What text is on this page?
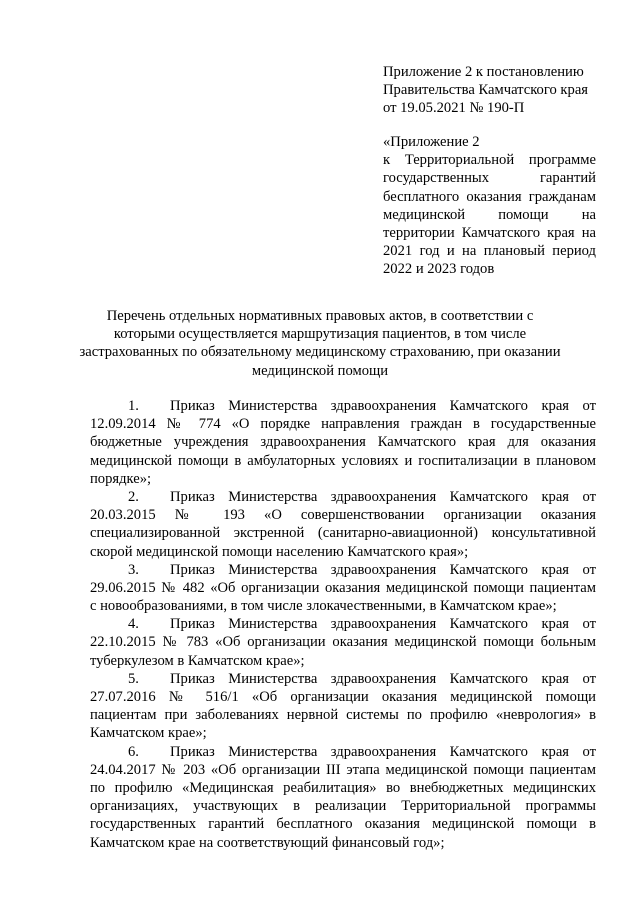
Приложение 2 к постановлению
Правительства Камчатского края
от 19.05.2021 № 190-П
«Приложение 2
к Территориальной программе
государственных гарантий
бесплатного оказания гражданам
медицинской помощи на
территории Камчатского края на
2021 год и на плановый период
2022 и 2023 годов
Перечень отдельных нормативных правовых актов, в соответствии с
которыми осуществляется маршрутизация пациентов, в том числе
застрахованных по обязательному медицинскому страхованию, при оказании
медицинской помощи
1.	Приказ Министерства здравоохранения Камчатского края от
12.09.2014 № 774 «О порядке направления граждан в государственные
бюджетные учреждения здравоохранения Камчатского края для оказания
медицинской помощи в амбулаторных условиях и госпитализации в плановом
порядке»;
2.	Приказ Министерства здравоохранения Камчатского края от
20.03.2015 № 193 «О совершенствовании организации оказания
специализированной экстренной (санитарно-авиационной) консультативной
скорой медицинской помощи населению Камчатского края»;
3.	Приказ Министерства здравоохранения Камчатского края от
29.06.2015 № 482 «Об организации оказания медицинской помощи пациентам
с новообразованиями, в том числе злокачественными, в Камчатском крае»;
4.	Приказ Министерства здравоохранения Камчатского края от
22.10.2015 № 783 «Об организации оказания медицинской помощи больным
туберкулезом в Камчатском крае»;
5.	Приказ Министерства здравоохранения Камчатского края от
27.07.2016 № 516/1 «Об организации оказания медицинской помощи
пациентам при заболеваниях нервной системы по профилю «неврология» в
Камчатском крае»;
6.	Приказ Министерства здравоохранения Камчатского края от
24.04.2017 № 203 «Об организации III этапа медицинской помощи пациентам
по профилю «Медицинская реабилитация» во внебюджетных медицинских
организациях, участвующих в реализации Территориальной программы
государственных гарантий бесплатного оказания медицинской помощи в
Камчатском крае на соответствующий финансовый год»;
